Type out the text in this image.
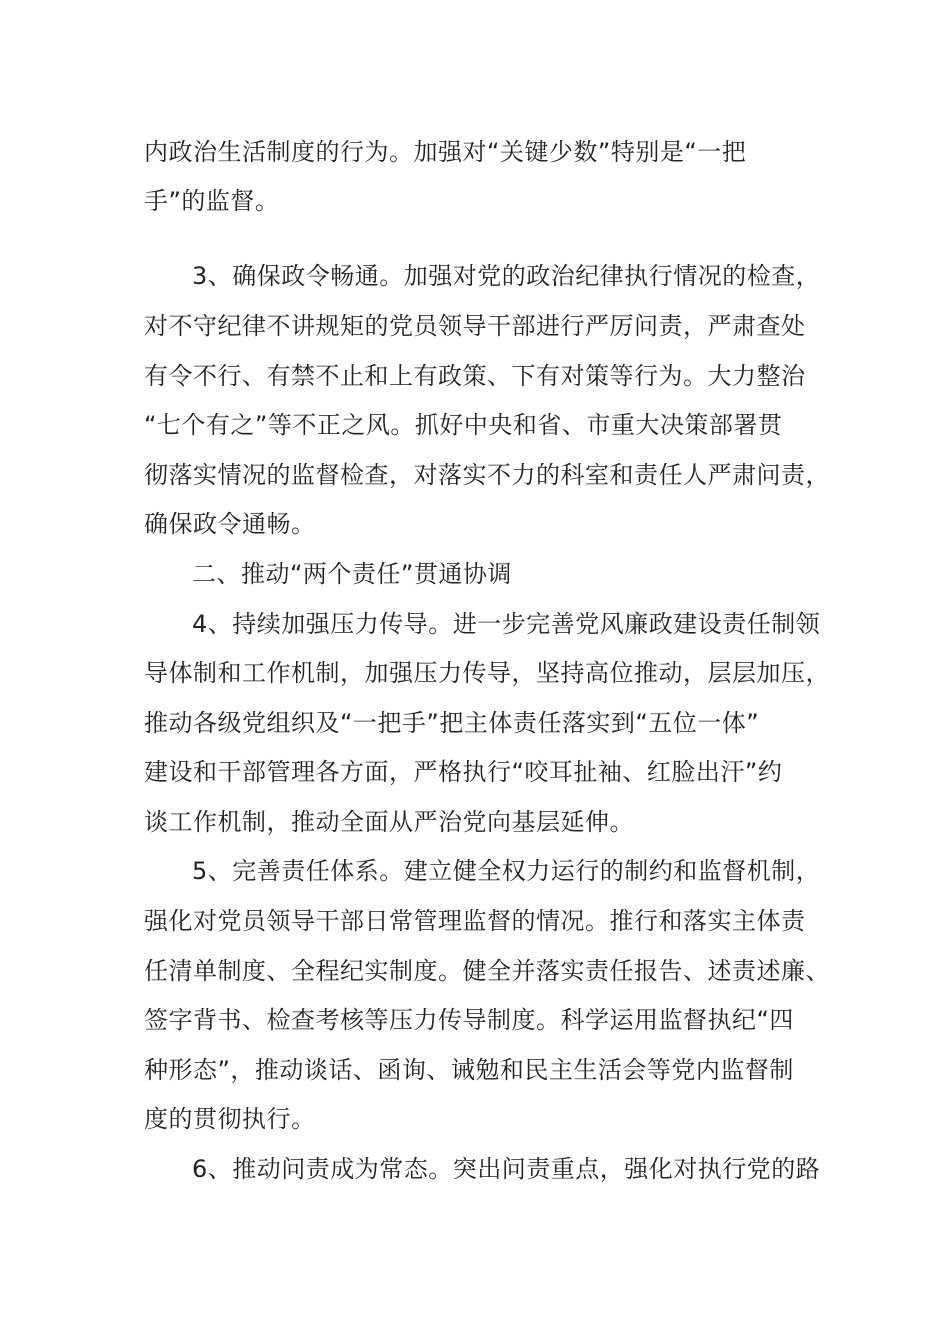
内政治生活制度的行为。加强对“关键少数”特别是“一把
手”的监督。
3、确保政令畅通。加强对党的政治纪律执行情况的检查，
对不守纪律不讲规矩的党员领导干部进行严厉问责，严肃查处
有令不行、有禁不止和上有政策、下有对策等行为。大力整治
“七个有之”等不正之风。抓好中央和省、市重大决策部署贯
彻落实情况的监督检查，对落实不力的科室和责任人严肃问责，
确保政令通畅。
二、推动“两个责任”贯通协调
4、持续加强压力传导。进一步完善党风廉政建设责任制领
导体制和工作机制，加强压力传导，坚持高位推动，层层加压，
推动各级党组织及“一把手”把主体责任落实到“五位一体”
建设和干部管理各方面，严格执行“咬耳扯袖、红脸出汗”约
谈工作机制，推动全面从严治党向基层延伸。
5、完善责任体系。建立健全权力运行的制约和监督机制，
强化对党员领导干部日常管理监督的情况。推行和落实主体责
任清单制度、全程纪实制度。健全并落实责任报告、述责述廉、
签字背书、检查考核等压力传导制度。科学运用监督执纪“四
种形态”，推动谈话、函询、诫勉和民主生活会等党内监督制
度的贯彻执行。
6、推动问责成为常态。突出问责重点，强化对执行党的路
